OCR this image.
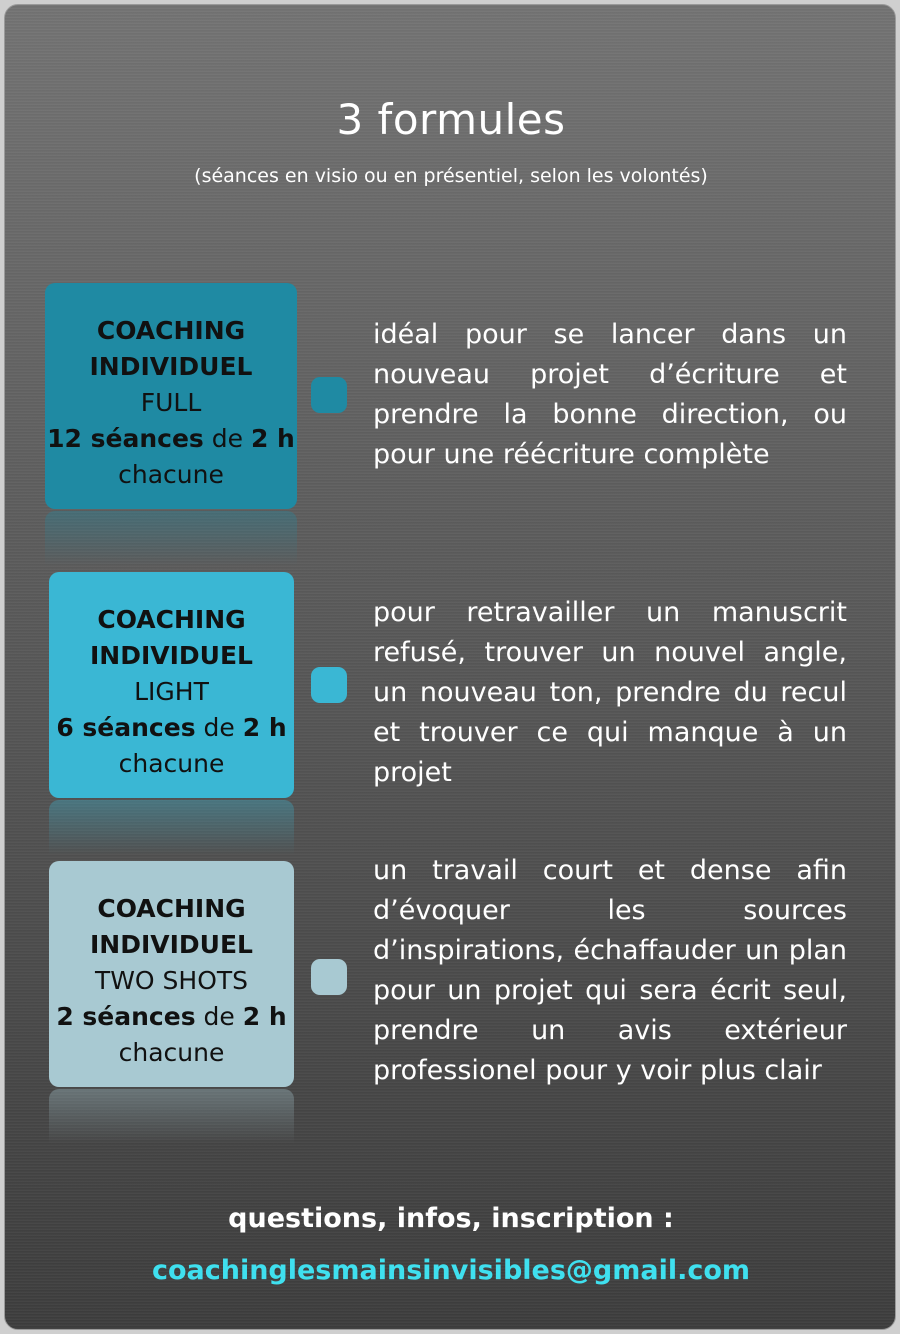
3 formules
(séances en visio ou en présentiel, selon les volontés)
COACHING
INDIVIDUEL
FULL
12 séances de 2 h
chacune
idéal pour se lancer dans un nouveau projet d’écriture et prendre la bonne direction, ou pour une réécriture complète
COACHING
INDIVIDUEL
LIGHT
6 séances de 2 h
chacune
pour retravailler un manuscrit refusé, trouver un nouvel angle, un nouveau ton, prendre du recul et trouver ce qui manque à un projet
COACHING
INDIVIDUEL
TWO SHOTS
2 séances de 2 h
chacune
un travail court et dense afin d’évoquer les sources d’inspirations, échaffauder un plan pour un projet qui sera écrit seul, prendre un avis extérieur professionel pour y voir plus clair
questions, infos, inscription :
coachinglesmainsinvisibles@gmail.com
